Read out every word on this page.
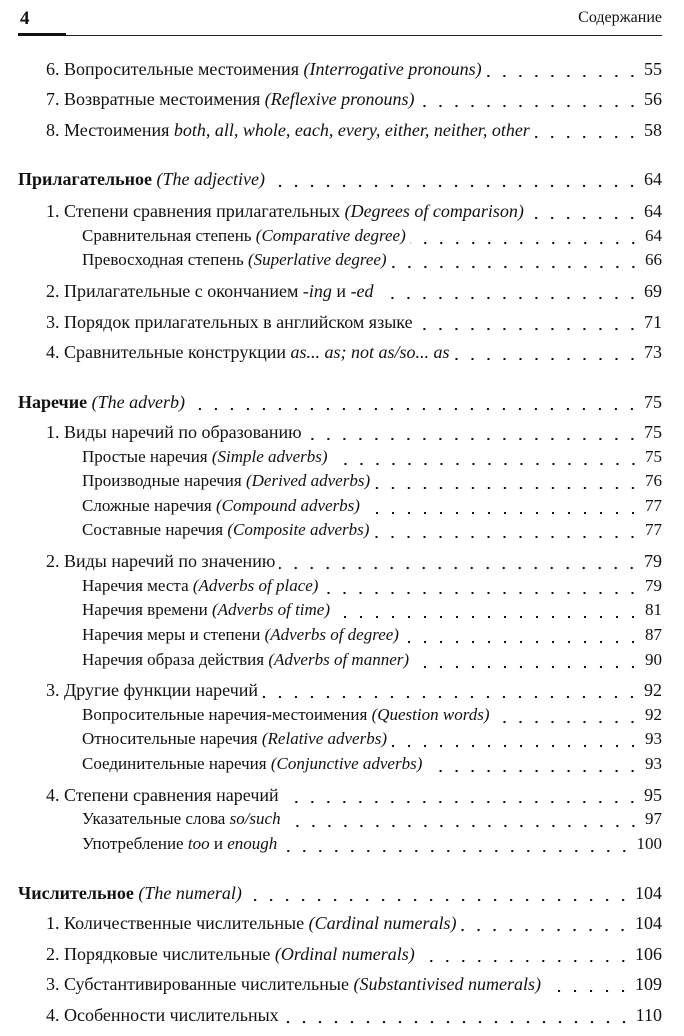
4	Содержание
6. Вопросительные местоимения (Interrogative pronouns)	55
7. Возвратные местоимения (Reflexive pronouns)	56
8. Местоимения both, all, whole, each, every, either, neither, other	58
Прилагательное (The adjective)	64
1. Степени сравнения прилагательных (Degrees of comparison)	64
Сравнительная степень (Comparative degree)	64
Превосходная степень (Superlative degree)	66
2. Прилагательные с окончанием -ing и -ed	69
3. Порядок прилагательных в английском языке	71
4. Сравнительные конструкции as... as; not as/so... as	73
Наречие (The adverb)	75
1. Виды наречий по образованию	75
Простые наречия (Simple adverbs)	75
Производные наречия (Derived adverbs)	76
Сложные наречия (Compound adverbs)	77
Составные наречия (Composite adverbs)	77
2. Виды наречий по значению	79
Наречия места (Adverbs of place)	79
Наречия времени (Adverbs of time)	81
Наречия меры и степени (Adverbs of degree)	87
Наречия образа действия (Adverbs of manner)	90
3. Другие функции наречий	92
Вопросительные наречия-местоимения (Question words)	92
Относительные наречия (Relative adverbs)	93
Соединительные наречия (Conjunctive adverbs)	93
4. Степени сравнения наречий	95
Указательные слова so/such	97
Употребление too и enough	100
Числительное (The numeral)	104
1. Количественные числительные (Cardinal numerals)	104
2. Порядковые числительные (Ordinal numerals)	106
3. Субстантивированные числительные (Substantivised numerals)	109
4. Особенности числительных	110
